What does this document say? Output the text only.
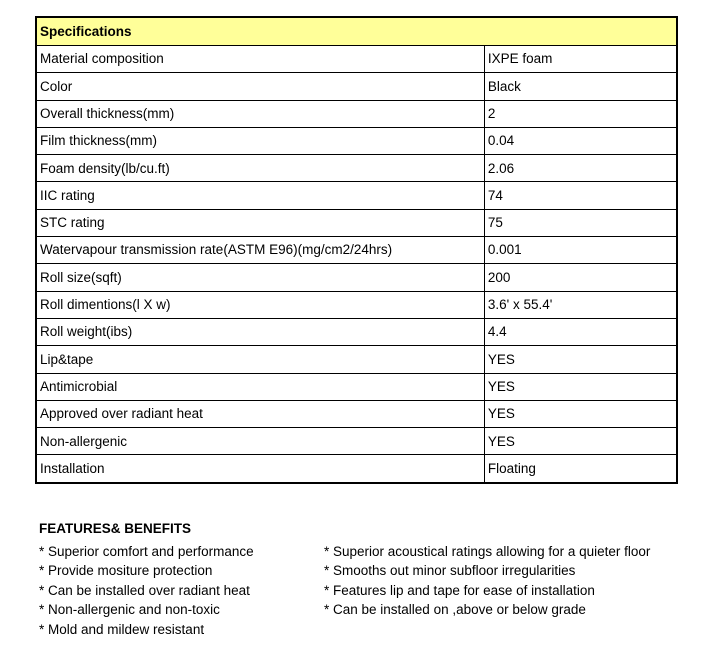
Specifications	
Material composition	IXPE foam
Color	Black
Overall thickness(mm)	2
Film thickness(mm)	0.04
Foam density(lb/cu.ft)	2.06
IIC rating	74
STC rating	75
Watervapour transmission rate(ASTM E96)(mg/cm2/24hrs)	0.001
Roll size(sqft)	200
Roll dimentions(l X w)	3.6' x 55.4'
Roll weight(ibs)	4.4
Lip&tape	YES
Antimicrobial	YES
Approved over radiant heat	YES
Non-allergenic	YES
Installation	Floating
FEATURES& BENEFITS
* Superior comfort and performance
* Provide mositure protection
* Can be installed over radiant heat
* Non-allergenic and non-toxic
* Mold and mildew resistant
* Superior acoustical ratings allowing for a quieter floor
* Smooths out minor subfloor irregularities
* Features lip and tape for ease of installation
* Can be installed on ,above or below grade
